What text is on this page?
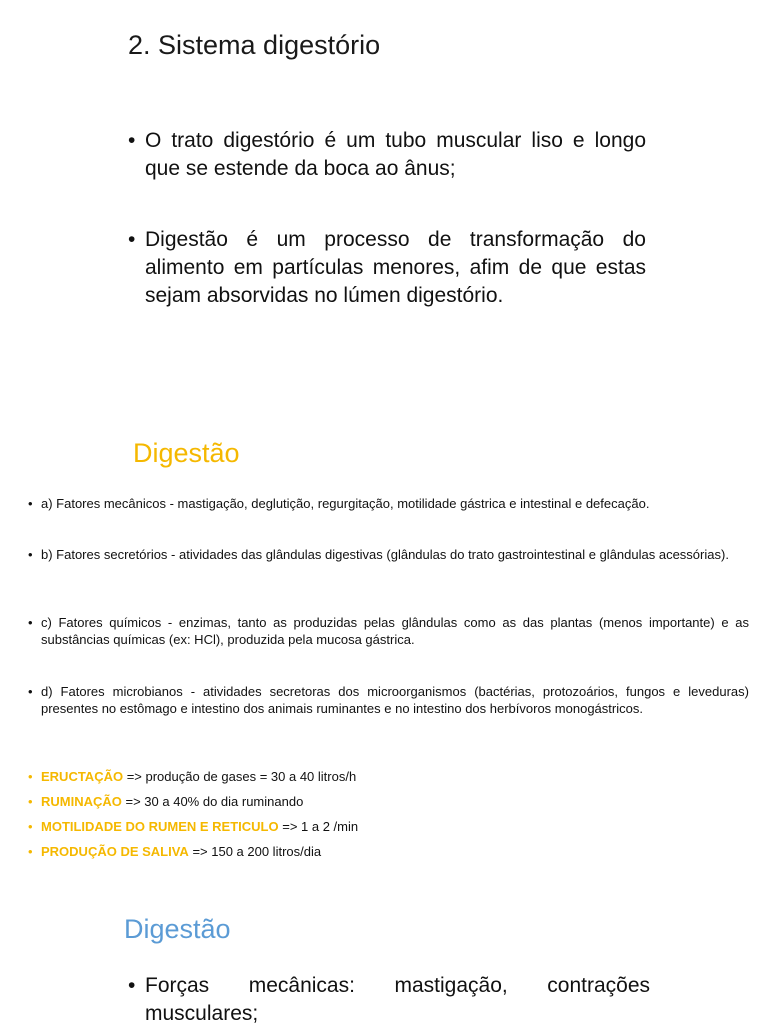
2. Sistema digestório
• O trato digestório é um tubo muscular liso e longo que se estende da boca ao ânus;
• Digestão é um processo de transformação do alimento em partículas menores, afim de que estas sejam absorvidas no lúmen digestório.
Digestão
• a) Fatores mecânicos - mastigação, deglutição, regurgitação, motilidade gástrica e intestinal e defecação.
• b) Fatores secretórios - atividades das glândulas digestivas (glândulas do trato gastrointestinal e glândulas acessórias).
• c) Fatores químicos - enzimas, tanto as produzidas pelas glândulas como as das plantas (menos importante) e as substâncias químicas (ex: HCl), produzida pela mucosa gástrica.
• d) Fatores microbianos - atividades secretoras dos microorganismos (bactérias, protozoários, fungos e leveduras) presentes no estômago e intestino dos animais ruminantes e no intestino dos herbívoros monogástricos.
• ERUCTAÇÃO => produção de gases = 30 a 40 litros/h
• RUMINAÇÃO => 30 a 40% do dia ruminando
• MOTILIDADE DO RUMEN E RETICULO => 1 a 2 /min
• PRODUÇÃO DE SALIVA => 150 a 200 litros/dia
Digestão
• Forças mecânicas: mastigação, contrações musculares;
